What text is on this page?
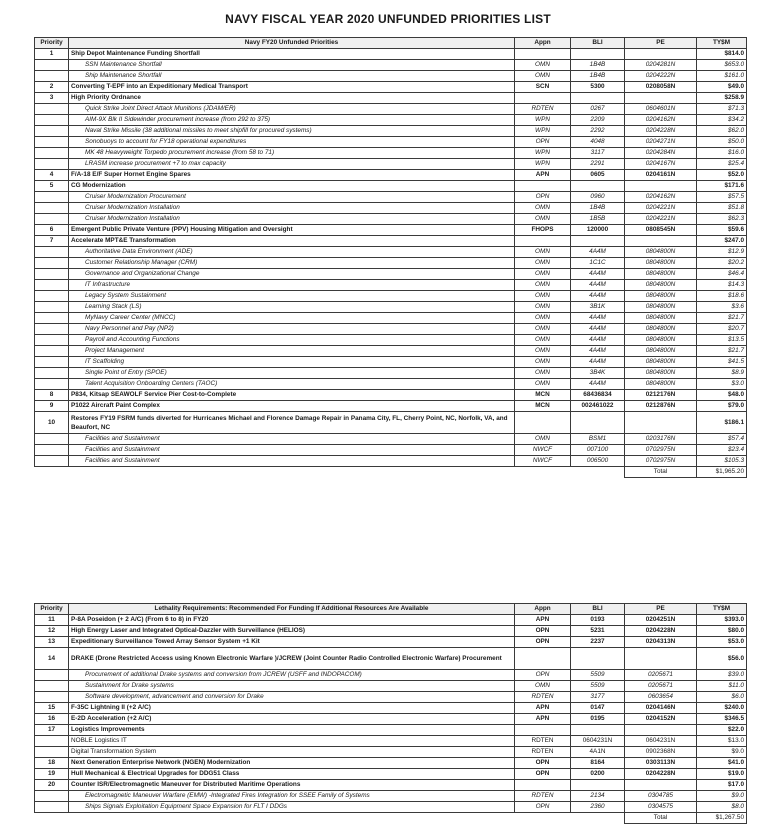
NAVY FISCAL YEAR 2020 UNFUNDED PRIORITIES LIST
Priority	Navy FY20 Unfunded Priorities	Appn	BLI	PE	TY$M
1	Ship Depot Maintenance Funding Shortfall				$814.0
	SSN Maintenance Shortfall	OMN	1B4B	0204281N	$653.0
	Ship Maintenance Shortfall	OMN	1B4B	0204222N	$161.0
2	Converting T-EPF into an Expeditionary Medical Transport	SCN	5300	0208058N	$49.0
3	High Priority Ordnance				$258.9
	Quick Strike Joint Direct Attack Munitions (JDAM/ER)	RDTEN	0267	0604601N	$71.3
	AIM-9X Blk II Sidewinder procurement increase (from 292 to 375)	WPN	2209	0204162N	$34.2
	Naval Strike Missile (38 additional missiles to meet shipfill for procured systems)	WPN	2292	0204228N	$62.0
	Sonobuoys to account for FY18 operational expenditures	OPN	4048	0204271N	$50.0
	MK 48 Heavyweight Torpedo procurement increase (from 58 to 71)	WPN	3117	0204284N	$16.0
	LRASM increase procurement +7 to max capacity	WPN	2291	0204167N	$25.4
4	F/A-18 E/F Super Hornet Engine Spares	APN	0605	0204161N	$52.0
5	CG Modernization				$171.6
	Cruiser Modernization Procurement	OPN	0960	0204162N	$57.5
	Cruiser Modernization Installation	OMN	1B4B	0204221N	$51.8
	Cruiser Modernization Installation	OMN	1B5B	0204221N	$62.3
6	Emergent Public Private Venture (PPV) Housing Mitigation and Oversight	FHOPS	120000	0808545N	$59.6
7	Accelerate MPT&E Transformation				$247.0
	Authoritative Data Environment (ADE)	OMN	4A4M	0804800N	$12.9
	Customer Relationship Manager (CRM)	OMN	1C1C	0804800N	$20.2
	Governance and Organizational Change	OMN	4A4M	0804800N	$46.4
	IT Infrastructure	OMN	4A4M	0804800N	$14.3
	Legacy System Sustainment	OMN	4A4M	0804800N	$18.6
	Learning Stack (LS)	OMN	3B1K	0804800N	$3.6
	MyNavy Career Center (MNCC)	OMN	4A4M	0804800N	$21.7
	Navy Personnel and Pay (NP2)	OMN	4A4M	0804800N	$20.7
	Payroll and Accounting Functions	OMN	4A4M	0804800N	$13.5
	Project Management	OMN	4A4M	0804800N	$21.7
	IT Scaffolding	OMN	4A4M	0804800N	$41.5
	Single Point of Entry (SPOE)	OMN	3B4K	0804800N	$8.9
	Talent Acquisition Onboarding Centers (TAOC)	OMN	4A4M	0804800N	$3.0
8	P834, Kitsap SEAWOLF Service Pier Cost-to-Complete	MCN	68436834	0212176N	$48.0
9	P1022 Aircraft Paint Complex	MCN	002461022	0212876N	$79.0
10	Restores FY19 FSRM funds diverted for Hurricanes Michael and Florence Damage Repair in Panama City, FL, Cherry Point, NC, Norfolk, VA, and Beaufort, NC				$186.1
	Facilities and Sustainment	OMN	BSM1	0203176N	$57.4
	Facilities and Sustainment	NWCF	007100	0702975N	$23.4
	Facilities and Sustainment	NWCF	006500	0702975N	$105.3
				Total	$1,965.20
Priority	Lethality Requirements: Recommended For Funding If Additional Resources Are Available	Appn	BLI	PE	TY$M
11	P-8A Poseidon (+ 2 A/C) (From 6 to 8) in FY20	APN	0193	0204251N	$393.0
12	High Energy Laser and Integrated Optical-Dazzler with Surveillance (HELIOS)	OPN	5231	0204228N	$80.0
13	Expeditionary Surveillance Towed Array Sensor System +1 Kit	OPN	2237	0204313N	$53.0
14	DRAKE (Drone Restricted Access using Known Electronic Warfare )/JCREW (Joint Counter Radio Controlled Electronic Warfare) Procurement				$56.0
	Procurement of additional Drake systems and conversion from JCREW (USFF and INDOPACOM)	OPN	5509	0205671	$39.0
	Sustainment for Drake systems	OMN	5509	0205671	$11.0
	Software development, advancement and conversion for Drake	RDTEN	3177	0603654	$6.0
15	F-35C Lightning II (+2 A/C)	APN	0147	0204146N	$240.0
16	E-2D Acceleration (+2 A/C)	APN	0195	0204152N	$346.5
17	Logistics Improvements				$22.0
	NOBLE Logistics IT	RDTEN	0604231N	0604231N	$13.0
	Digital Transformation System	RDTEN	4A1N	0902368N	$9.0
18	Next Generation Enterprise Network (NGEN) Modernization	OPN	8164	0303113N	$41.0
19	Hull Mechanical & Electrical Upgrades for DDG51 Class	OPN	0200	0204228N	$19.0
20	Counter ISR/Electromagnetic Maneuver for Distributed Maritime Operations				$17.0
	Electromagnetic Maneuver Warfare (EMW) -Integrated Fires Integration for SSEE Family of Systems	RDTEN	2134	0304785	$9.0
	Ships Signals Exploitation Equipment Space Expansion for FLT I DDGs	OPN	2360	0304575	$8.0
				Total	$1,267.50
